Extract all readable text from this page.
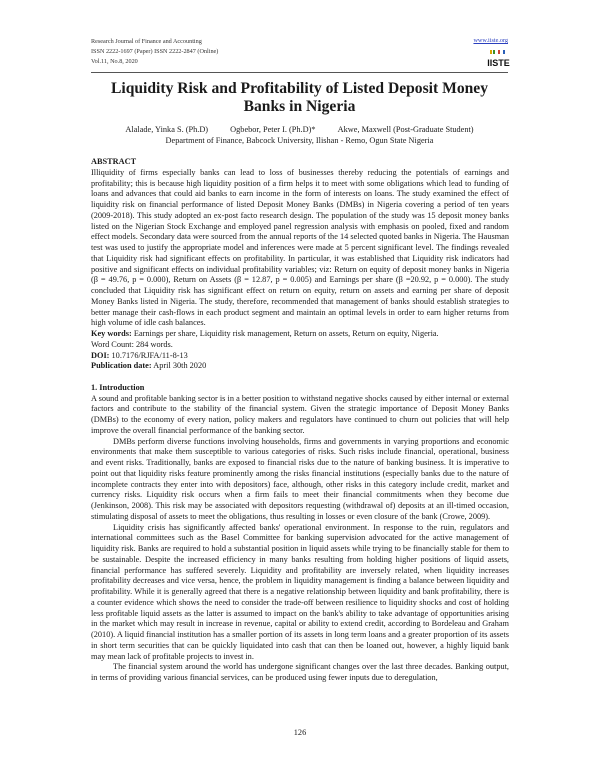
Research Journal of Finance and Accounting
ISSN 2222-1697 (Paper) ISSN 2222-2847 (Online)
Vol.11, No.8, 2020
www.iiste.org
IISTE
Liquidity Risk and Profitability of Listed Deposit Money Banks in Nigeria
Alalade, Yinka S. (Ph.D)	Ogbebor, Peter I. (Ph.D)*	Akwe, Maxwell (Post-Graduate Student)
Department of Finance, Babcock University, Ilishan - Remo, Ogun State Nigeria

ABSTRACT

Illiquidity of firms especially banks can lead to loss of businesses thereby reducing the potentials of earnings and profitability; this is because high liquidity position of a firm helps it to meet with some obligations which lead to funding of loans and advances that could aid banks to earn income in the form of interests on loans. The study examined the effect of liquidity risk on financial performance of listed Deposit Money Banks (DMBs) in Nigeria covering a period of ten years (2009-2018). This study adopted an ex-post facto research design. The population of the study was 15 deposit money banks listed on the Nigerian Stock Exchange and employed panel regression analysis with emphasis on pooled, fixed and random effect models. Secondary data were sourced from the annual reports of the 14 selected quoted banks in Nigeria. The Hausman test was used to justify the appropriate model and inferences were made at 5 percent significant level. The findings revealed that Liquidity risk had significant effects on profitability. In particular, it was established that Liquidity risk indicators had positive and significant effects on individual profitability variables; viz: Return on equity of deposit money banks in Nigeria (β = 49.76, p = 0.000), Return on Assets (β = 12.87, p = 0.005) and Earnings per share (β =20.92, p = 0.000). The study concluded that Liquidity risk has significant effect on return on equity, return on assets and earning per share of deposit Money Banks listed in Nigeria. The study, therefore, recommended that management of banks should establish strategies to better manage their cash-flows in each product segment and maintain an optimal levels in order to earn higher returns from high volume of idle cash balances.

Key words: Earnings per share, Liquidity risk management, Return on assets, Return on equity, Nigeria.

Word Count: 284 words.

DOI: 10.7176/RJFA/11-8-13

Publication date: April 30th 2020

1. Introduction

A sound and profitable banking sector is in a better position to withstand negative shocks caused by either internal or external factors and contribute to the stability of the financial system. Given the strategic importance of Deposit Money Banks (DMBs) to the economy of every nation, policy makers and regulators have continued to churn out policies that will help improve the overall financial performance of the banking sector.

DMBs perform diverse functions involving households, firms and governments in varying proportions and economic environments that make them susceptible to various categories of risks. Such risks include financial, operational, business and event risks. Traditionally, banks are exposed to financial risks due to the nature of banking business. It is imperative to point out that liquidity risks feature prominently among the risks financial institutions (especially banks due to the nature of incomplete contracts they enter into with depositors) face, although, other risks in this category include credit, market and currency risks. Liquidity risk occurs when a firm fails to meet their financial commitments when they become due (Jenkinson, 2008). This risk may be associated with depositors requesting (withdrawal of) deposits at an ill-timed occasion, stimulating disposal of assets to meet the obligations, thus resulting in losses or even closure of the bank (Crowe, 2009).

Liquidity crisis has significantly affected banks' operational environment. In response to the ruin, regulators and international committees such as the Basel Committee for banking supervision advocated for the active management of liquidity risk. Banks are required to hold a substantial position in liquid assets while trying to be financially stable for them to be sustainable. Despite the increased efficiency in many banks resulting from holding higher positions of liquid assets, financial performance has suffered severely. Liquidity and profitability are inversely related, when liquidity increases profitability decreases and vice versa, hence, the problem in liquidity management is finding a balance between liquidity and profitability. While it is generally agreed that there is a negative relationship between liquidity and bank profitability, there is a counter evidence which shows the need to consider the trade-off between resilience to liquidity shocks and cost of holding less profitable liquid assets as the latter is assumed to impact on the bank's ability to take advantage of opportunities arising in the market which may result in increase in revenue, capital or ability to extend credit, according to Bordeleau and Graham (2010). A liquid financial institution has a smaller portion of its assets in long term loans and a greater proportion of its assets in short term securities that can be quickly liquidated into cash that can then be loaned out, however, a highly liquid bank may mean lack of profitable projects to invest in.

The financial system around the world has undergone significant changes over the last three decades. Banking output, in terms of providing various financial services, can be produced using fewer inputs due to deregulation,

126
